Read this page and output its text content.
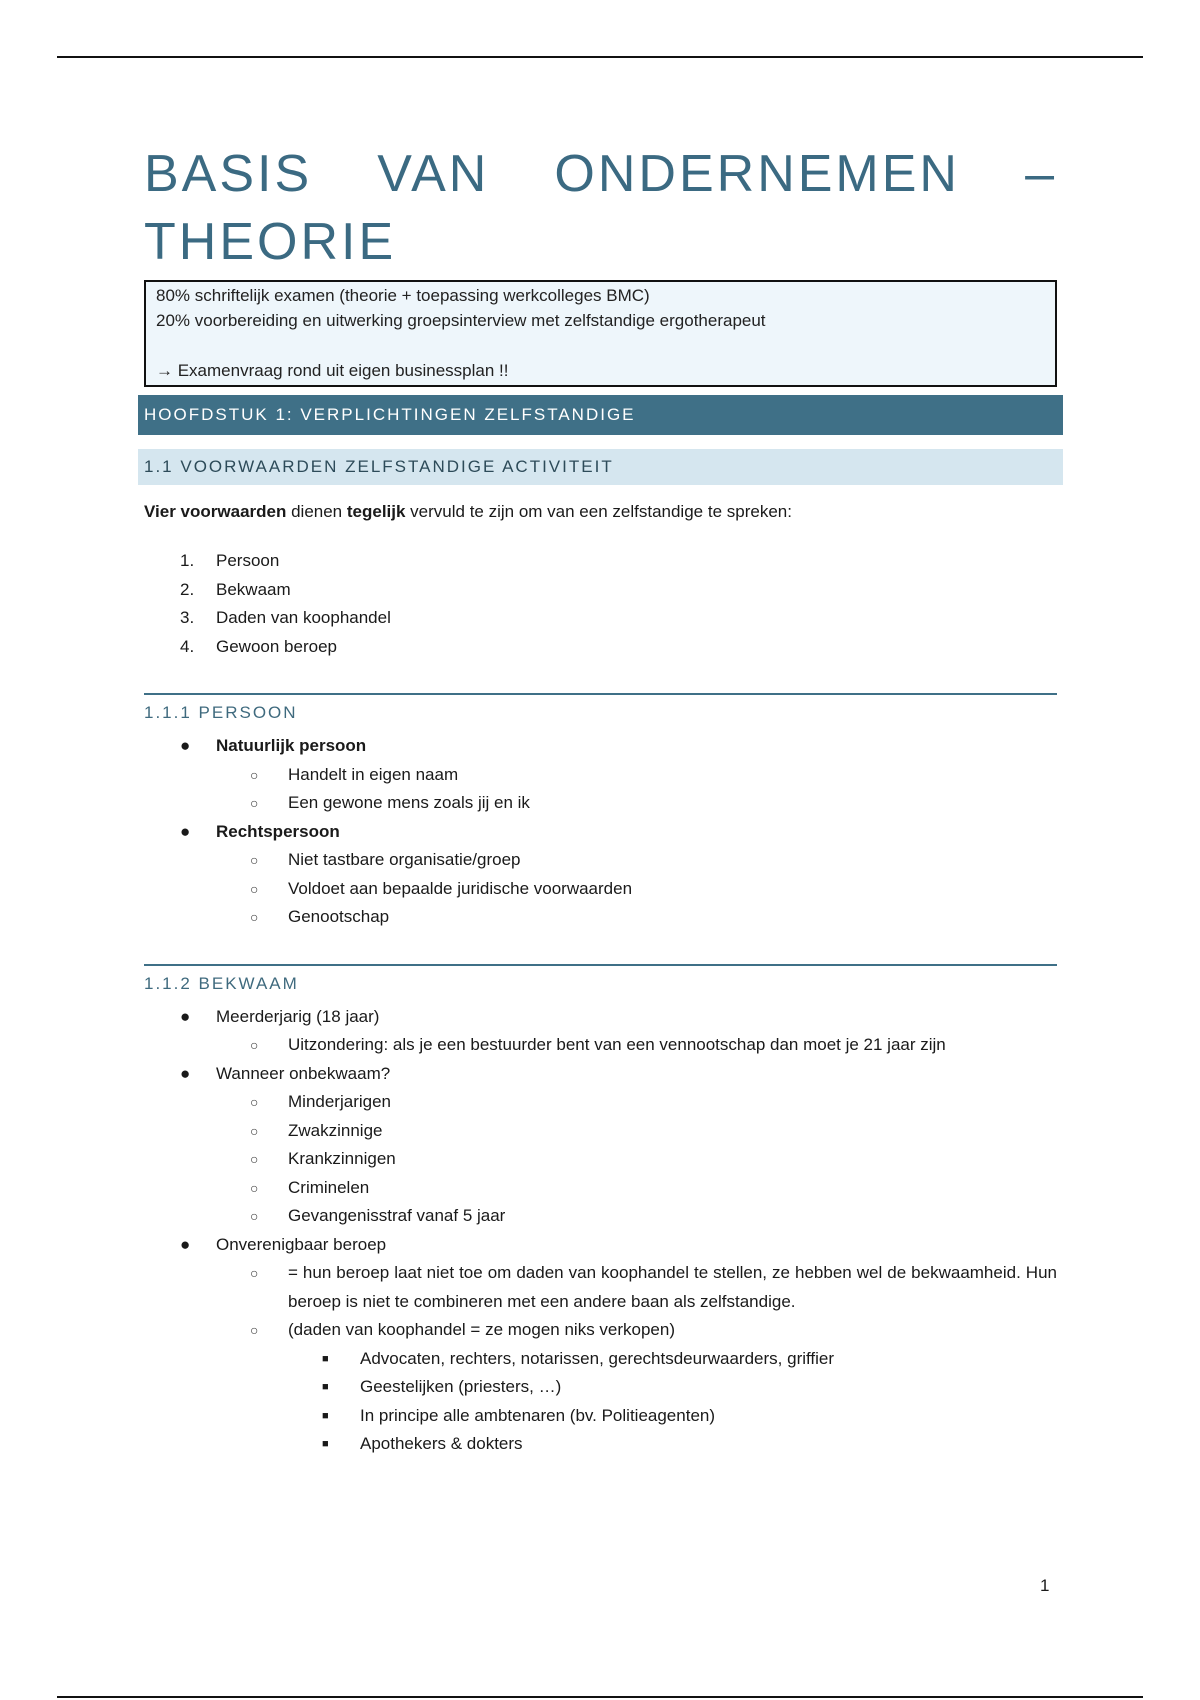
BASIS VAN ONDERNEMEN – THEORIE
80% schriftelijk examen (theorie + toepassing werkcolleges BMC)
20% voorbereiding en uitwerking groepsinterview met zelfstandige ergotherapeut
→ Examenvraag rond uit eigen businessplan !!
HOOFDSTUK 1: VERPLICHTINGEN ZELFSTANDIGE
1.1 VOORWAARDEN ZELFSTANDIGE ACTIVITEIT

Vier voorwaarden dienen tegelijk vervuld te zijn om van een zelfstandige te spreken:

1. Persoon
2. Bekwaam
3. Daden van koophandel
4. Gewoon beroep
1.1.1 PERSOON
● Natuurlijk persoon
○ Handelt in eigen naam
○ Een gewone mens zoals jij en ik
● Rechtspersoon
○ Niet tastbare organisatie/groep
○ Voldoet aan bepaalde juridische voorwaarden
○ Genootschap
1.1.2 BEKWAAM
● Meerderjarig (18 jaar)
○ Uitzondering: als je een bestuurder bent van een vennootschap dan moet je 21 jaar zijn
● Wanneer onbekwaam?
○ Minderjarigen
○ Zwakzinnige
○ Krankzinnigen
○ Criminelen
○ Gevangenisstraf vanaf 5 jaar
● Onverenigbaar beroep
○ = hun beroep laat niet toe om daden van koophandel te stellen, ze hebben wel de bekwaamheid. Hun beroep is niet te combineren met een andere baan als zelfstandige.
○ (daden van koophandel = ze mogen niks verkopen)
■ Advocaten, rechters, notarissen, gerechtsdeurwaarders, griffier
■ Geestelijken (priesters, …)
■ In principe alle ambtenaren (bv. Politieagenten)
■ Apothekers & dokters
1
